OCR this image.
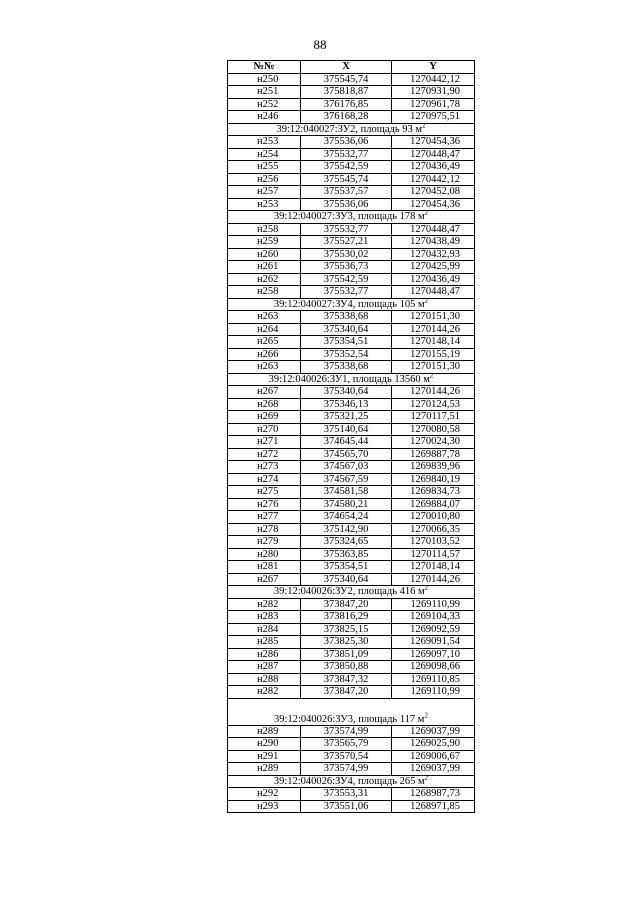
88
№№	X	Y
н250	375545,74	1270442,12
н251	375818,87	1270931,90
н252	376176,85	1270961,78
н246	376168,28	1270975,51
39:12:040027:ЗУ2, площадь 93 $м^2$
н253	375536,06	1270454,36
н254	375532,77	1270448,47
н255	375542,59	1270436,49
н256	375545,74	1270442,12
н257	375537,57	1270452,08
н253	375536,06	1270454,36
39:12:040027:ЗУ3, площадь 178 $м^2$
н258	375532,77	1270448,47
н259	375527,21	1270438,49
н260	375530,02	1270432,93
н261	375536,73	1270425,99
н262	375542,59	1270436,49
н258	375532,77	1270448,47
39:12:040027:ЗУ4, площадь 105 $м^2$
н263	375338,68	1270151,30
н264	375340,64	1270144,26
н265	375354,51	1270148,14
н266	375352,54	1270155,19
н263	375338,68	1270151,30
39:12:040026:ЗУ1, площадь 13560 $м^2$
н267	375340,64	1270144,26
н268	375346,13	1270124,53
н269	375321,25	1270117,51
н270	375140,64	1270080,58
н271	374645,44	1270024,30
н272	374565,70	1269887,78
н273	374567,03	1269839,96
н274	374567,59	1269840,19
н275	374581,58	1269834,73
н276	374580,21	1269884,07
н277	374654,24	1270010,80
н278	375142,90	1270066,35
н279	375324,65	1270103,52
н280	375363,85	1270114,57
н281	375354,51	1270148,14
н267	375340,64	1270144,26
39:12:040026:ЗУ2, площадь 416 $м^2$
н282	373847,20	1269110,99
н283	373816,29	1269104,33
н284	373825,15	1269092,59
н285	373825,30	1269091,54
н286	373851,09	1269097,10
н287	373850,88	1269098,66
н288	373847,32	1269110,85
н282	373847,20	1269110,99
39:12:040026:ЗУ3, площадь 117 $м^2$
н289	373574,99	1269037,99
н290	373565,79	1269025,90
н291	373570,54	1269006,67
н289	373574,99	1269037,99
39:12:040026:ЗУ4, площадь 265 $м^2$
н292	373553,31	1268987,73
н293	373551,06	1268971,85
